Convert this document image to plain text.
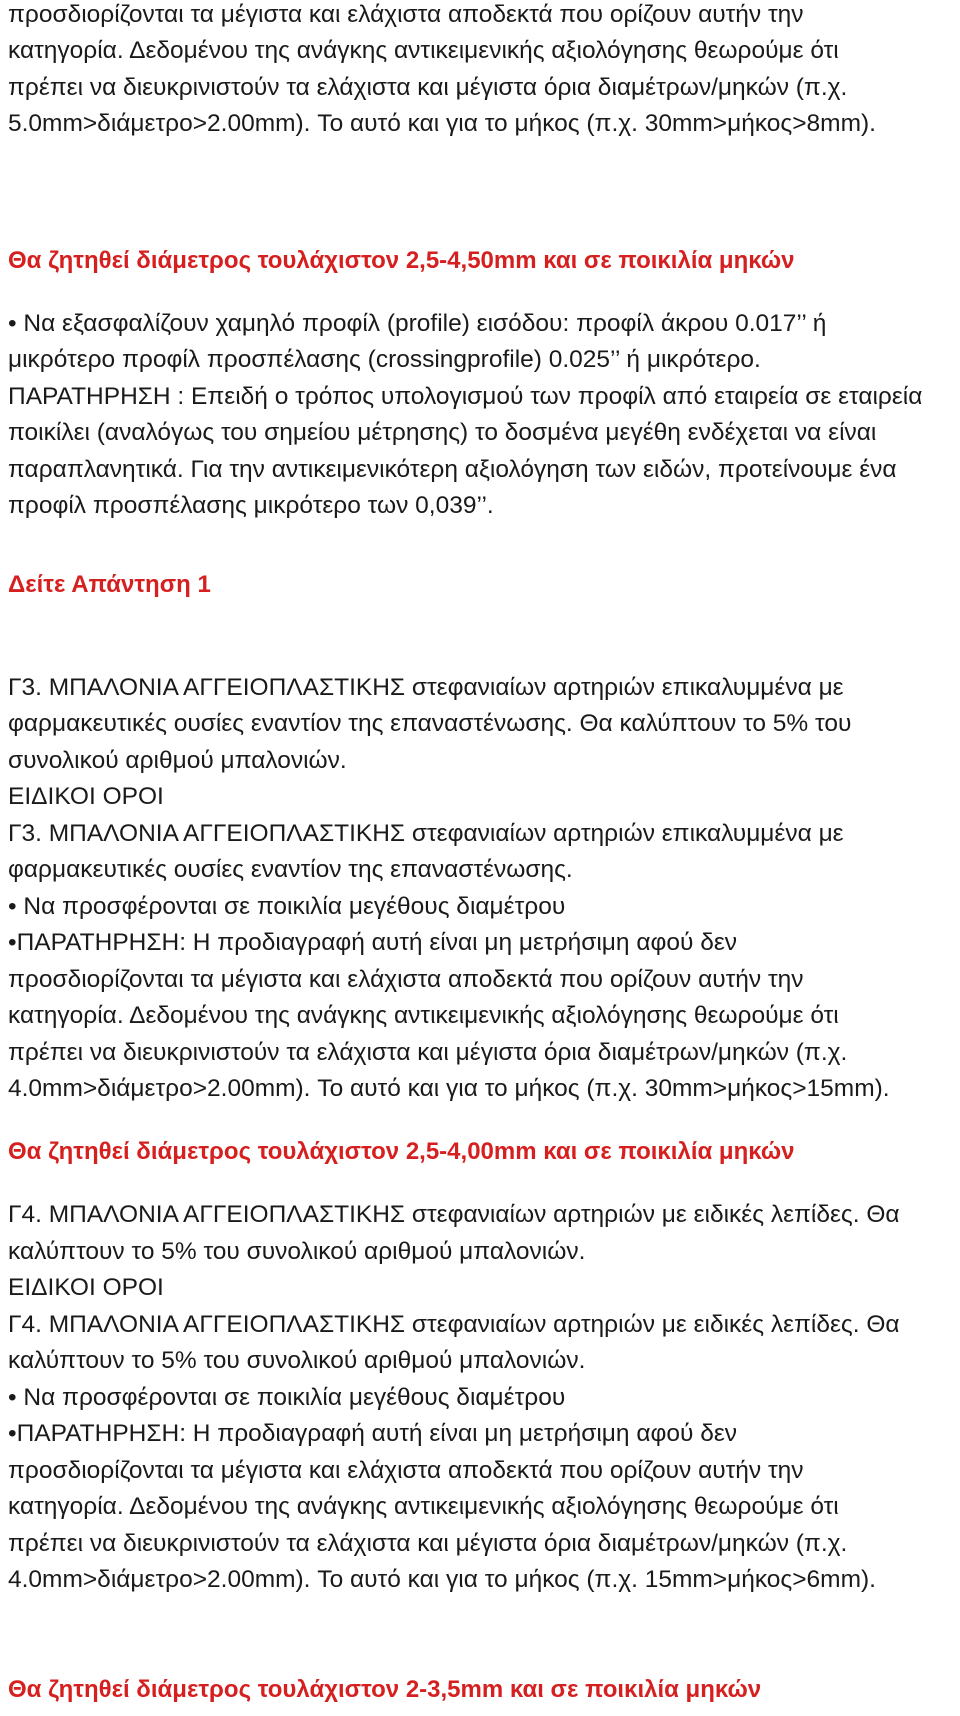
προσδιορίζονται τα μέγιστα και ελάχιστα αποδεκτά που ορίζουν αυτήν την
κατηγορία. Δεδομένου της ανάγκης αντικειμενικής αξιολόγησης θεωρούμε ότι
πρέπει να διευκρινιστούν τα ελάχιστα και μέγιστα όρια διαμέτρων/μηκών (π.χ.
5.0mm>διάμετρο>2.00mm). Το αυτό και για το μήκος (π.χ. 30mm>μήκος>8mm).
Θα ζητηθεί διάμετρος τουλάχιστον 2,5-4,50mm και σε ποικιλία μηκών
• Να εξασφαλίζουν χαμηλό προφίλ (profile) εισόδου: προφίλ άκρου 0.017’’ ή
μικρότερο προφίλ προσπέλασης (crossingprofile) 0.025’’ ή μικρότερο.
ΠΑΡΑΤΗΡΗΣΗ : Επειδή ο τρόπος υπολογισμού των προφίλ από εταιρεία σε εταιρεία
ποικίλει (αναλόγως του σημείου μέτρησης) το δοσμένα μεγέθη ενδέχεται να είναι
παραπλανητικά. Για την αντικειμενικότερη αξιολόγηση των ειδών, προτείνουμε ένα
προφίλ προσπέλασης μικρότερο των 0,039’’.
Δείτε Απάντηση 1
Γ3. ΜΠΑΛΟΝΙΑ ΑΓΓΕΙΟΠΛΑΣΤΙΚΗΣ στεφανιαίων αρτηριών επικαλυμμένα με
φαρμακευτικές ουσίες εναντίον της επαναστένωσης. Θα καλύπτουν το 5% του
συνολικού αριθμού μπαλονιών.
ΕΙΔΙΚΟΙ ΟΡΟΙ
Γ3. ΜΠΑΛΟΝΙΑ ΑΓΓΕΙΟΠΛΑΣΤΙΚΗΣ στεφανιαίων αρτηριών επικαλυμμένα με
φαρμακευτικές ουσίες εναντίον της επαναστένωσης.
• Να προσφέρονται σε ποικιλία μεγέθους διαμέτρου
•ΠΑΡΑΤΗΡΗΣΗ: Η προδιαγραφή αυτή είναι μη μετρήσιμη αφού δεν
προσδιορίζονται τα μέγιστα και ελάχιστα αποδεκτά που ορίζουν αυτήν την
κατηγορία. Δεδομένου της ανάγκης αντικειμενικής αξιολόγησης θεωρούμε ότι
πρέπει να διευκρινιστούν τα ελάχιστα και μέγιστα όρια διαμέτρων/μηκών (π.χ.
4.0mm>διάμετρο>2.00mm). Το αυτό και για το μήκος (π.χ. 30mm>μήκος>15mm).
Θα ζητηθεί διάμετρος τουλάχιστον 2,5-4,00mm και σε ποικιλία μηκών
Γ4. ΜΠΑΛΟΝΙΑ ΑΓΓΕΙΟΠΛΑΣΤΙΚΗΣ στεφανιαίων αρτηριών με ειδικές λεπίδες. Θα
καλύπτουν το 5% του συνολικού αριθμού μπαλονιών.
ΕΙΔΙΚΟΙ ΟΡΟΙ
Γ4. ΜΠΑΛΟΝΙΑ ΑΓΓΕΙΟΠΛΑΣΤΙΚΗΣ στεφανιαίων αρτηριών με ειδικές λεπίδες. Θα
καλύπτουν το 5% του συνολικού αριθμού μπαλονιών.
• Να προσφέρονται σε ποικιλία μεγέθους διαμέτρου
•ΠΑΡΑΤΗΡΗΣΗ: Η προδιαγραφή αυτή είναι μη μετρήσιμη αφού δεν
προσδιορίζονται τα μέγιστα και ελάχιστα αποδεκτά που ορίζουν αυτήν την
κατηγορία. Δεδομένου της ανάγκης αντικειμενικής αξιολόγησης θεωρούμε ότι
πρέπει να διευκρινιστούν τα ελάχιστα και μέγιστα όρια διαμέτρων/μηκών (π.χ.
4.0mm>διάμετρο>2.00mm). Το αυτό και για το μήκος (π.χ. 15mm>μήκος>6mm).
Θα ζητηθεί διάμετρος τουλάχιστον 2-3,5mm και σε ποικιλία μηκών
